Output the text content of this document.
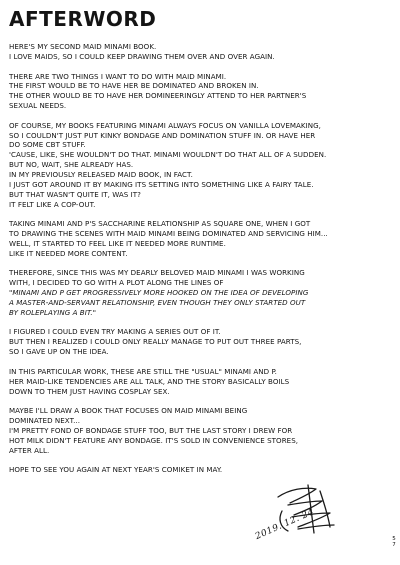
AFTERWORD

HERE'S MY SECOND MAID MINAMI BOOK.
I LOVE MAIDS, SO I COULD KEEP DRAWING THEM OVER AND OVER AGAIN.

THERE ARE TWO THINGS I WANT TO DO WITH MAID MINAMI.
THE FIRST WOULD BE TO HAVE HER BE DOMINATED AND BROKEN IN.
THE OTHER WOULD BE TO HAVE HER DOMINEERINGLY ATTEND TO HER PARTNER'S
SEXUAL NEEDS.

OF COURSE, MY BOOKS FEATURING MINAMI ALWAYS FOCUS ON VANILLA LOVEMAKING,
SO I COULDN'T JUST PUT KINKY BONDAGE AND DOMINATION STUFF IN. OR HAVE HER
DO SOME CBT STUFF.
'CAUSE, LIKE, SHE WOULDN'T DO THAT. MINAMI WOULDN'T DO THAT ALL OF A SUDDEN.
BUT NO, WAIT, SHE ALREADY HAS.
IN MY PREVIOUSLY RELEASED MAID BOOK, IN FACT.
I JUST GOT AROUND IT BY MAKING ITS SETTING INTO SOMETHING LIKE A FAIRY TALE.
BUT THAT WASN'T QUITE IT, WAS IT?
IT FELT LIKE A COP-OUT.

TAKING MINAMI AND P'S SACCHARINE RELATIONSHIP AS SQUARE ONE, WHEN I GOT
TO DRAWING THE SCENES WITH MAID MINAMI BEING DOMINATED AND SERVICING HIM...
WELL, IT STARTED TO FEEL LIKE IT NEEDED MORE RUNTIME.
LIKE IT NEEDED MORE CONTENT.

THEREFORE, SINCE THIS WAS MY DEARLY BELOVED MAID MINAMI I WAS WORKING
WITH, I DECIDED TO GO WITH A PLOT ALONG THE LINES OF
"MINAMI AND P GET PROGRESSIVELY MORE HOOKED ON THE IDEA OF DEVELOPING
A MASTER-AND-SERVANT RELATIONSHIP, EVEN THOUGH THEY ONLY STARTED OUT
BY ROLEPLAYING A BIT."

I FIGURED I COULD EVEN TRY MAKING A SERIES OUT OF IT.
BUT THEN I REALIZED I COULD ONLY REALLY MANAGE TO PUT OUT THREE PARTS,
SO I GAVE UP ON THE IDEA.

IN THIS PARTICULAR WORK, THESE ARE STILL THE "USUAL" MINAMI AND P.
HER MAID-LIKE TENDENCIES ARE ALL TALK, AND THE STORY BASICALLY BOILS
DOWN TO THEM JUST HAVING COSPLAY SEX.

MAYBE I'LL DRAW A BOOK THAT FOCUSES ON MAID MINAMI BEING
DOMINATED NEXT...
I'M PRETTY FOND OF BONDAGE STUFF TOO, BUT THE LAST STORY I DREW FOR
HOT MILK DIDN'T FEATURE ANY BONDAGE. IT'S SOLD IN CONVENIENCE STORES,
AFTER ALL.

HOPE TO SEE YOU AGAIN AT NEXT YEAR'S COMIKET IN MAY.

2019. 12. 24	5
7
